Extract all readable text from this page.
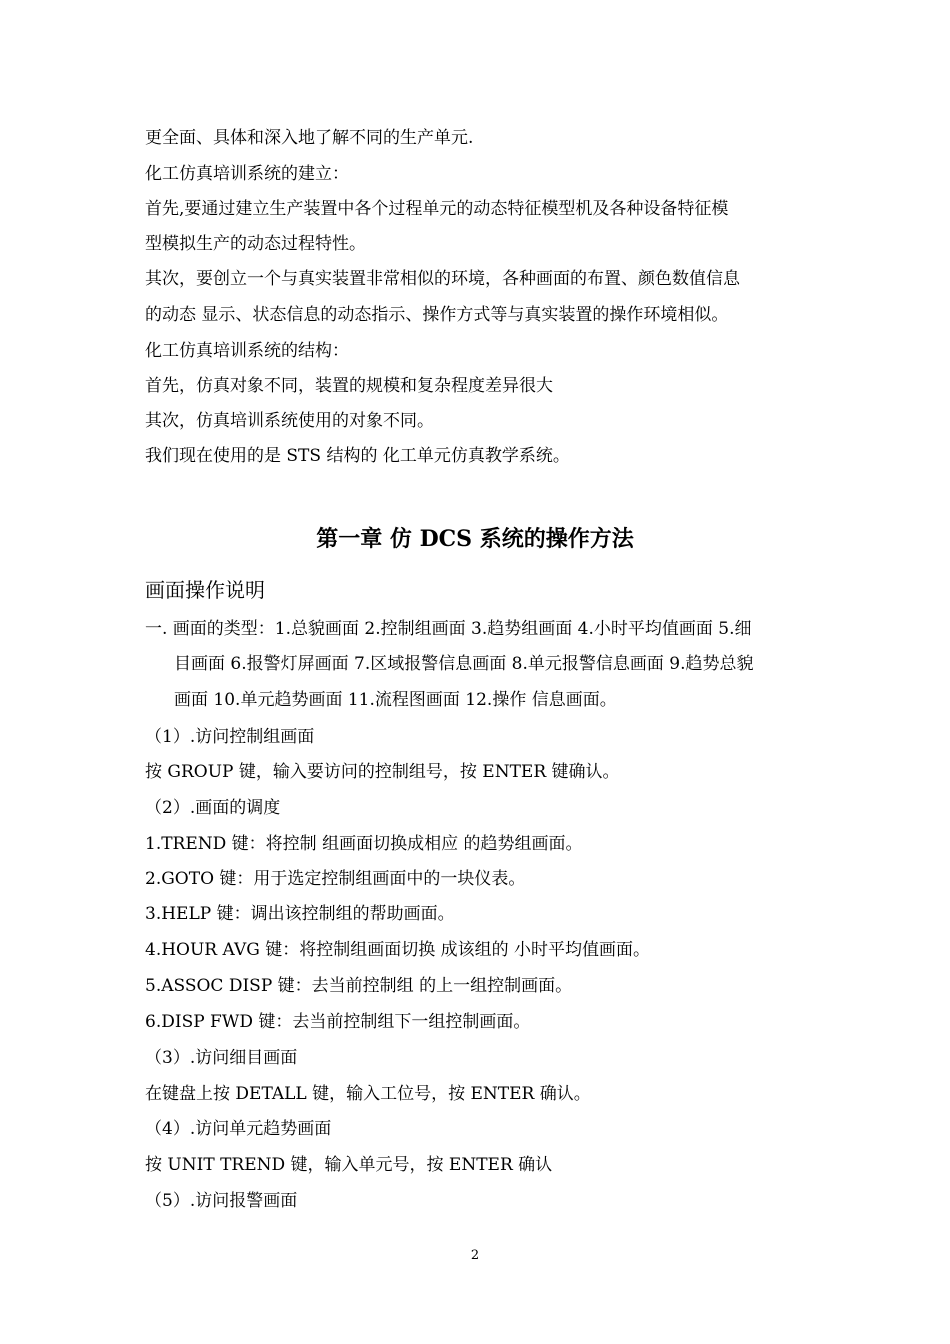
更全面、具体和深入地了解不同的生产单元.
化工仿真培训系统的建立：
首先,要通过建立生产装置中各个过程单元的动态特征模型机及各种设备特征模
型模拟生产的动态过程特性。
其次，要创立一个与真实装置非常相似的环境，各种画面的布置、颜色数值信息
的动态 显示、状态信息的动态指示、操作方式等与真实装置的操作环境相似。
化工仿真培训系统的结构：
首先，仿真对象不同，装置的规模和复杂程度差异很大
其次，仿真培训系统使用的对象不同。
我们现在使用的是 STS 结构的 化工单元仿真教学系统。
第一章 仿 DCS 系统的操作方法
画面操作说明
一. 画面的类型：1.总貌画面 2.控制组画面 3.趋势组画面 4.小时平均值画面 5.细
目画面 6.报警灯屏画面 7.区域报警信息画面 8.单元报警信息画面 9.趋势总貌
画面 10.单元趋势画面 11.流程图画面 12.操作 信息画面。
（1）.访问控制组画面
按 GROUP 键，输入要访问的控制组号，按 ENTER 键确认。
（2）.画面的调度
1.TREND 键：将控制 组画面切换成相应 的趋势组画面。
2.GOTO 键：用于选定控制组画面中的一块仪表。
3.HELP 键：调出该控制组的帮助画面。
4.HOUR AVG 键：将控制组画面切换 成该组的 小时平均值画面。
5.ASSOC DISP 键：去当前控制组 的上一组控制画面。
6.DISP FWD 键：去当前控制组下一组控制画面。
（3）.访问细目画面
在键盘上按 DETALL 键，输入工位号，按 ENTER 确认。
（4）.访问单元趋势画面
按 UNIT TREND 键，输入单元号，按 ENTER 确认
（5）.访问报警画面
2
